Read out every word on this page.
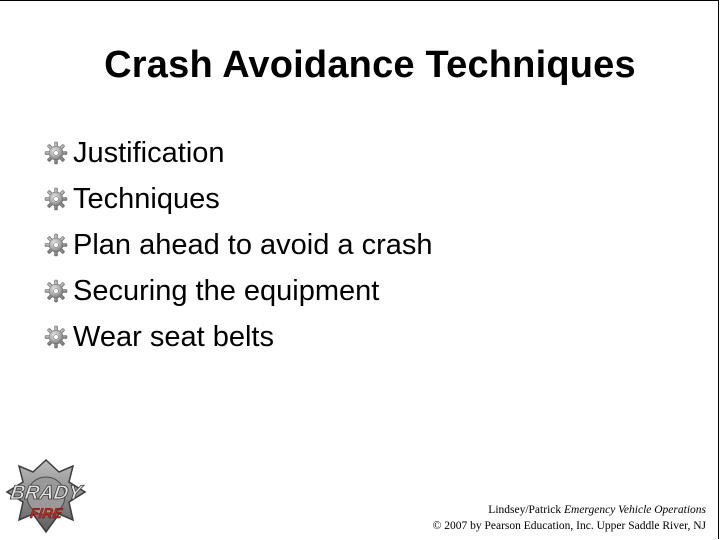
Crash Avoidance Techniques
Justification
Techniques
Plan ahead to avoid a crash
Securing the equipment
Wear seat belts
BRADY
FIRE	Lindsey/Patrick Emergency Vehicle Operations
© 2007 by Pearson Education, Inc. Upper Saddle River, NJ
